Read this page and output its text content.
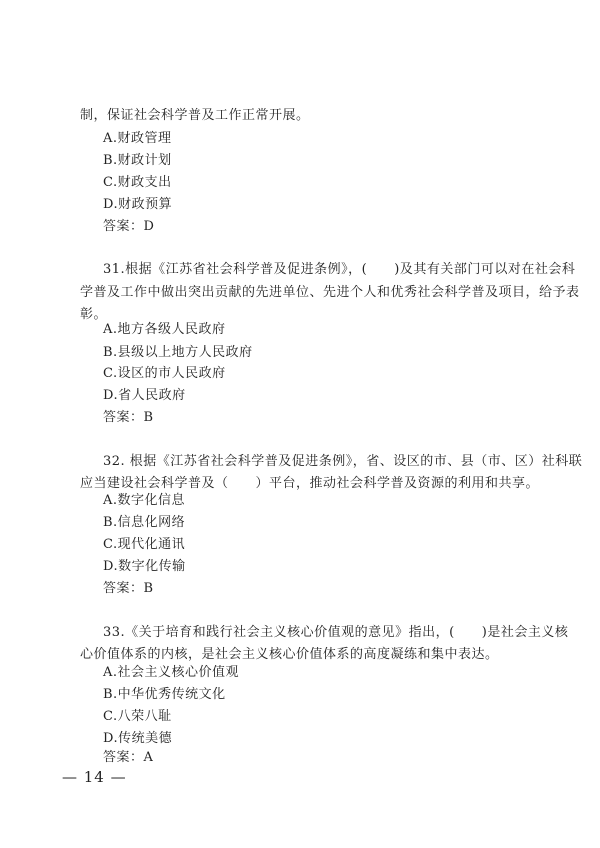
制，保证社会科学普及工作正常开展。
A.财政管理
B.财政计划
C.财政支出
D.财政预算
答案：D
31.根据《江苏省社会科学普及促进条例》，(　　)及其有关部门可以对在社会科
学普及工作中做出突出贡献的先进单位、先进个人和优秀社会科学普及项目，给予表
彰。
A.地方各级人民政府
B.县级以上地方人民政府
C.设区的市人民政府
D.省人民政府
答案：B
32. 根据《江苏省社会科学普及促进条例》，省、设区的市、县（市、区）社科联
应当建设社会科学普及（　　）平台，推动社会科学普及资源的利用和共享。
A.数字化信息
B.信息化网络
C.现代化通讯
D.数字化传输
答案：B
33.《关于培育和践行社会主义核心价值观的意见》指出，(　　)是社会主义核
心价值体系的内核，是社会主义核心价值体系的高度凝练和集中表达。
A.社会主义核心价值观
B.中华优秀传统文化
C.八荣八耻
D.传统美德
答案：A
— 14 —
